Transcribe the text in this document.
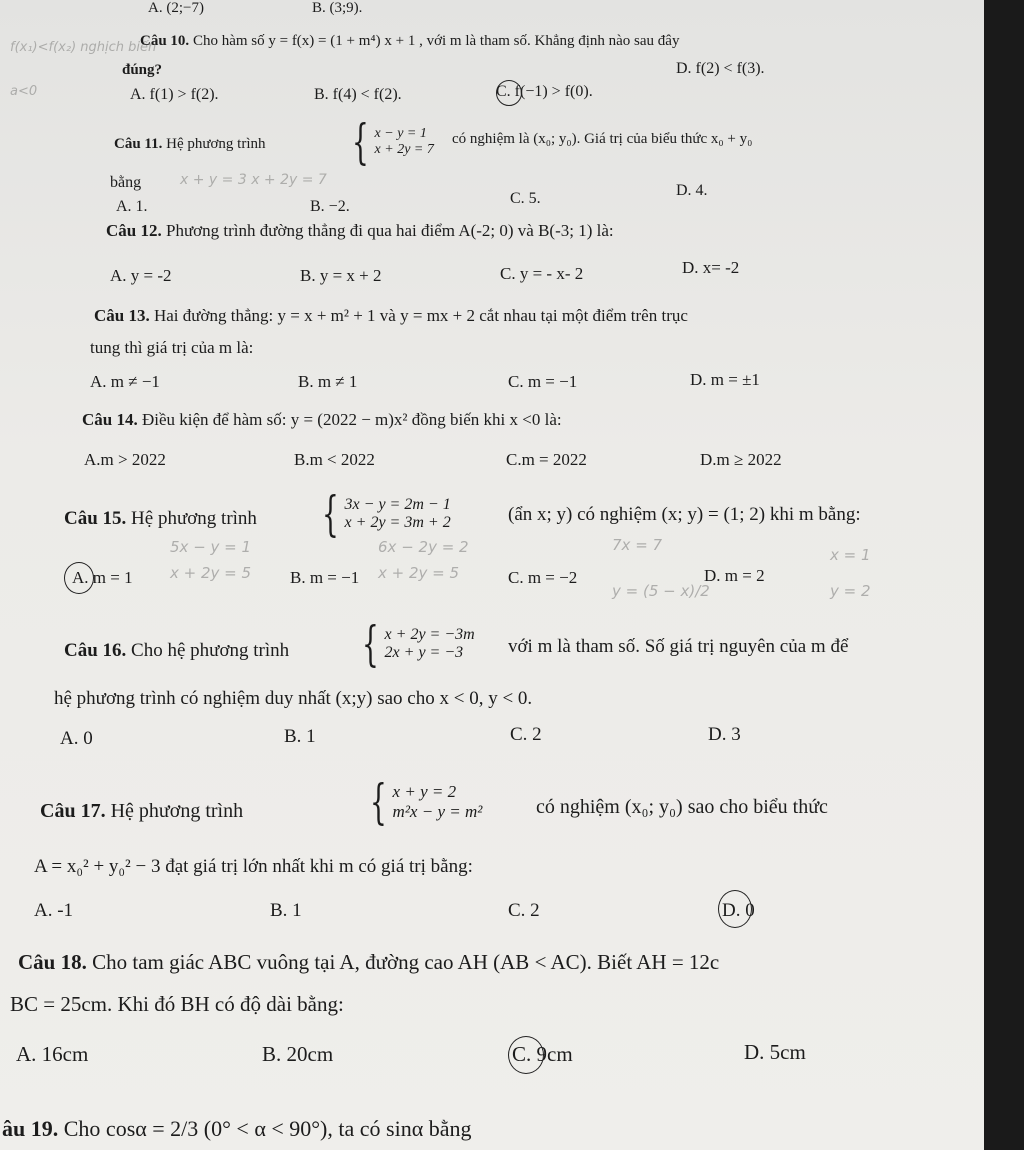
A. (2;−7)	B. (3;9).
f(x₁)<f(x₂) nghịch biến
a<0
x + y = 3 x + 2y = 7
5x − y = 1
x + 2y = 5
6x − 2y = 2
x + 2y = 5
7x = 7
y = (5 − x)/2
x = 1
y = 2
Câu 10. Cho hàm số y = f(x) = (1 + m⁴) x + 1 , với m là tham số. Khẳng định nào sau đây
đúng?
A. f(1) > f(2).	B. f(4) < f(2).	C. f(−1) > f(0).
D. f(2) < f(3).
Câu 11. Hệ phương trình { x − y = 1
x + 2y = 7
có nghiệm là (x₀; y₀). Giá trị của biểu thức x₀ + y₀
bằng
A. 1.	B. −2.	C. 5.	D. 4.
Câu 12. Phương trình đường thẳng đi qua hai điểm A(-2; 0) và B(-3; 1) là:
A. y = -2	B. y = x + 2	C. y = - x- 2	D. x= -2
Câu 13. Hai đường thẳng: y = x + m² + 1 và y = mx + 2 cắt nhau tại một điểm trên trục
tung thì giá trị của m là:
A. m ≠ −1	B. m ≠ 1	C. m = −1	D. m = ±1
Câu 14. Điều kiện để hàm số: y = (2022 − m)x² đồng biến khi x <0 là:
A.m > 2022	B.m < 2022	C.m = 2022	D.m ≥ 2022
Câu 15. Hệ phương trình { 3x − y = 2m − 1
x + 2y = 3m + 2	(ẩn x; y) có nghiệm (x; y) = (1; 2) khi m bằng:
A. m = 1	B. m = −1	C. m = −2	D. m = 2
Câu 16. Cho hệ phương trình { x + 2y = −3m
2x + y = −3	với m là tham số. Số giá trị nguyên của m để
hệ phương trình có nghiệm duy nhất (x;y) sao cho x < 0, y < 0.
A. 0	B. 1	C. 2	D. 3
Câu 17. Hệ phương trình	{ x + y = 2
m²x − y = m²	có nghiệm (x₀; y₀) sao cho biểu thức
A = x₀² + y₀² − 3 đạt giá trị lớn nhất khi m có giá trị bằng:
A. -1	B. 1	C. 2	D. 0
Câu 18. Cho tam giác ABC vuông tại A, đường cao AH (AB < AC). Biết AH = 12c
BC = 25cm. Khi đó BH có độ dài bằng:
A. 16cm	B. 20cm	C. 9cm	D. 5cm
âu 19. Cho cosα = 2/3 (0° < α < 90°), ta có sinα bằng
